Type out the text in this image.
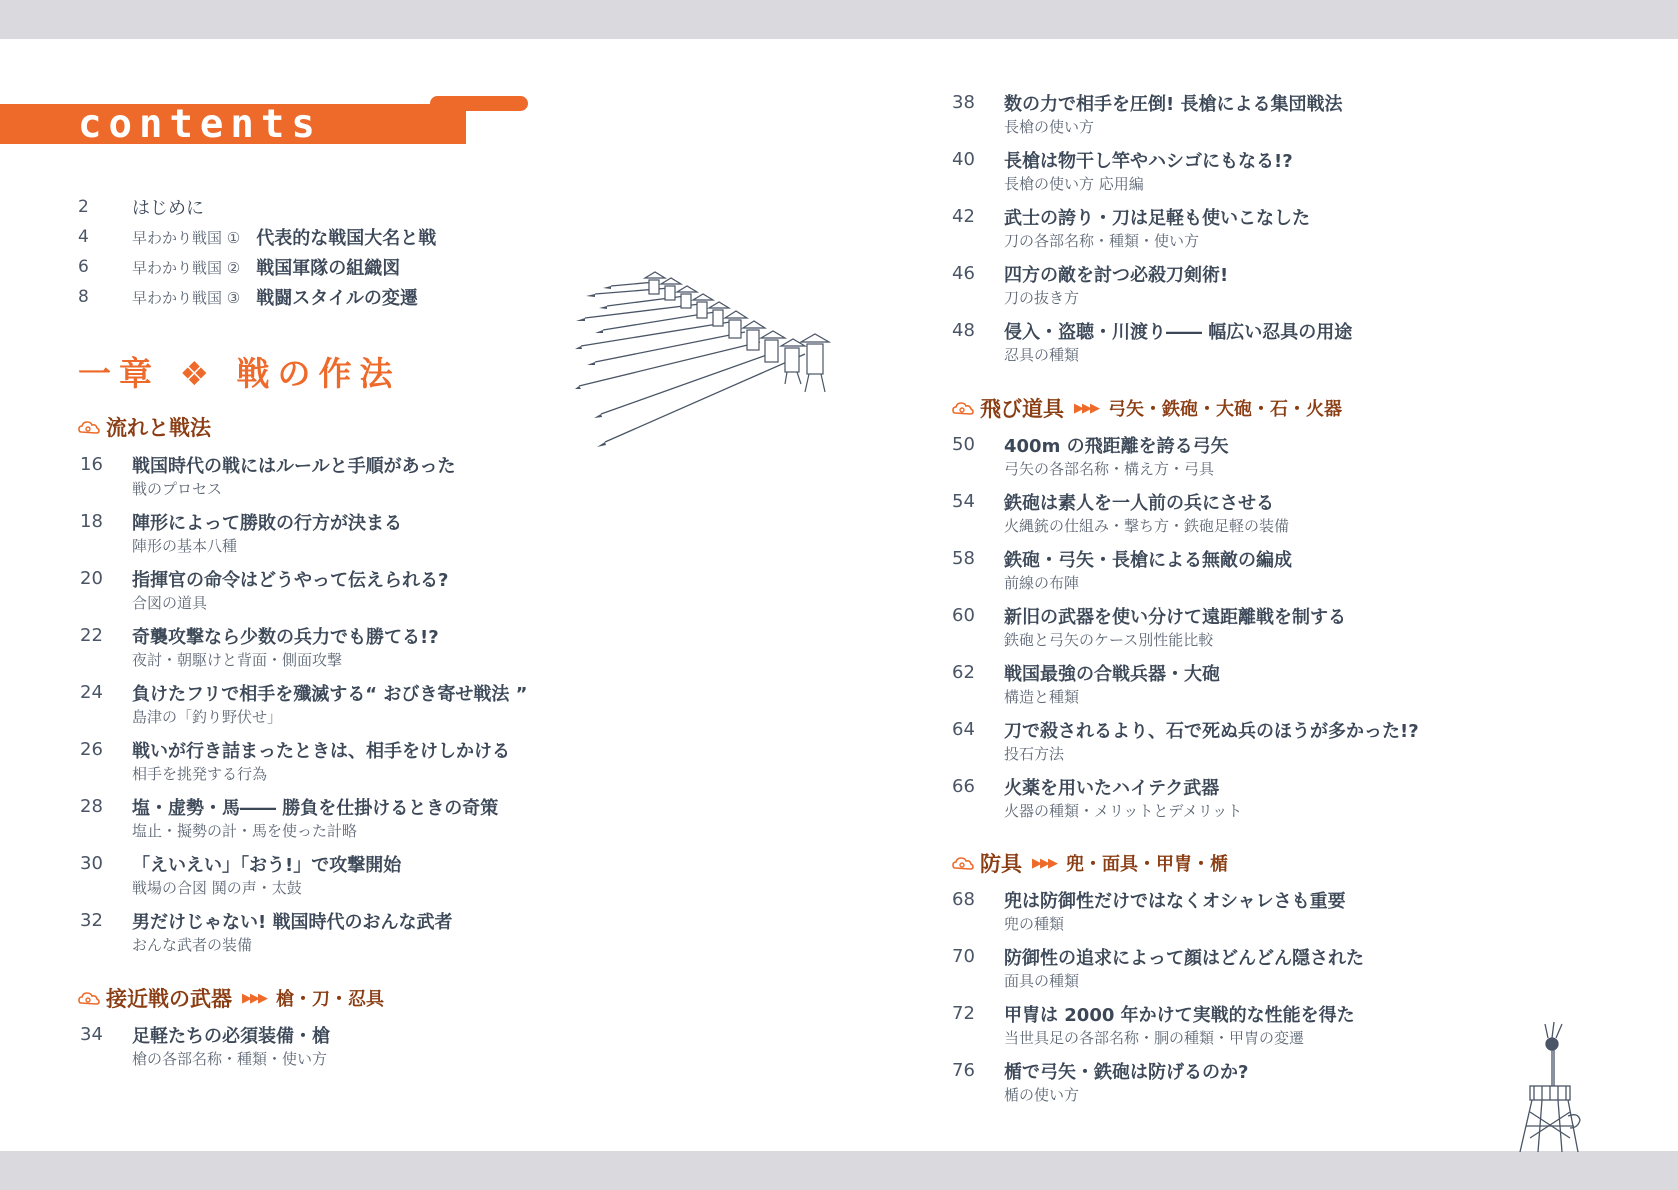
contents
2	はじめに
4	早わかり戦国 ① 代表的な戦国大名と戦
6	早わかり戦国 ② 戦国軍隊の組織図
8	早わかり戦国 ③ 戦闘スタイルの変遷
一章 ❖ 戦の作法
流れと戦法
16 戦国時代の戦にはルールと手順があった
戦のプロセス
18 陣形によって勝敗の行方が決まる
陣形の基本八種
20 指揮官の命令はどうやって伝えられる?
合図の道具
22 奇襲攻撃なら少数の兵力でも勝てる!?
夜討・朝駆けと背面・側面攻撃
24 負けたフリで相手を殲滅する“ おびき寄せ戦法 ”
島津の「釣り野伏せ」
26 戦いが行き詰まったときは、相手をけしかける
相手を挑発する行為
28 塩・虚勢・馬―― 勝負を仕掛けるときの奇策
塩止・擬勢の計・馬を使った計略
30 「えいえい」「おう!」で攻撃開始
戦場の合図 鬨の声・太鼓
32 男だけじゃない! 戦国時代のおんな武者
おんな武者の装備
接近戦の武器 ▶▶▶ 槍・刀・忍具
34 足軽たちの必須装備・槍
槍の各部名称・種類・使い方
38 数の力で相手を圧倒! 長槍による集団戦法
長槍の使い方
40 長槍は物干し竿やハシゴにもなる!?
長槍の使い方 応用編
42 武士の誇り・刀は足軽も使いこなした
刀の各部名称・種類・使い方
46 四方の敵を討つ必殺刀剣術!
刀の抜き方
48 侵入・盗聴・川渡り―― 幅広い忍具の用途
忍具の種類
飛び道具 ▶▶▶ 弓矢・鉄砲・大砲・石・火器
50 400m の飛距離を誇る弓矢
弓矢の各部名称・構え方・弓具
54 鉄砲は素人を一人前の兵にさせる
火縄銃の仕組み・撃ち方・鉄砲足軽の装備
58 鉄砲・弓矢・長槍による無敵の編成
前線の布陣
60 新旧の武器を使い分けて遠距離戦を制する
鉄砲と弓矢のケース別性能比較
62 戦国最強の合戦兵器・大砲
構造と種類
64 刀で殺されるより、石で死ぬ兵のほうが多かった!?
投石方法
66 火薬を用いたハイテク武器
火器の種類・メリットとデメリット
防具 ▶▶▶ 兜・面具・甲冑・楯
68 兜は防御性だけではなくオシャレさも重要
兜の種類
70 防御性の追求によって顔はどんどん隠された
面具の種類
72 甲冑は 2000 年かけて実戦的な性能を得た
当世具足の各部名称・胴の種類・甲冑の変遷
76 楯で弓矢・鉄砲は防げるのか?
楯の使い方
